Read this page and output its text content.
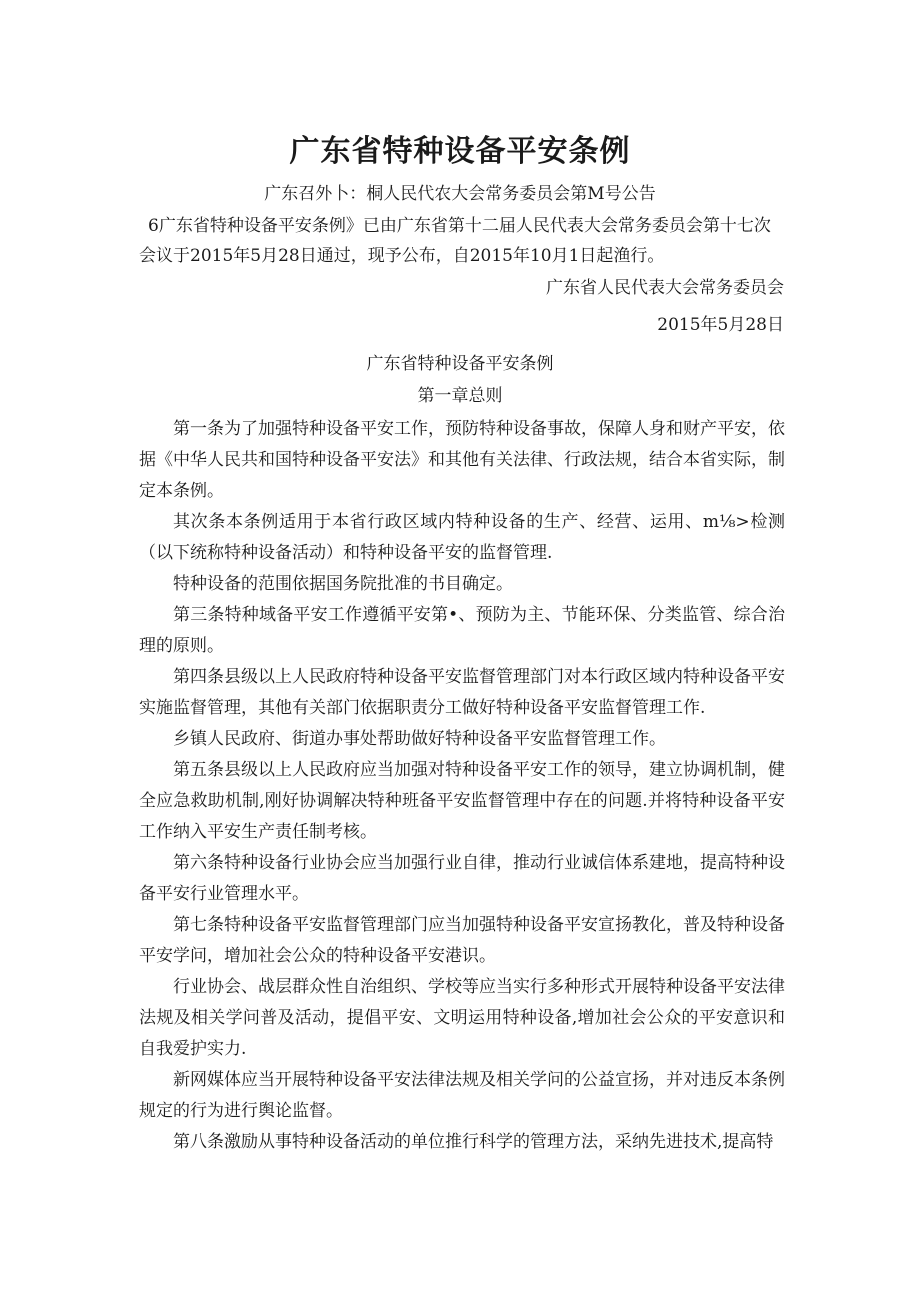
广东省特种设备平安条例
广东召外卜：桐人民代农大会常务委员会第M号公告
6广东省特种设备平安条例》已由广东省第十二届人民代表大会常务委员会第十七次
会议于2015年5月28日通过，现予公布，自2015年10月1日起渔行。
广东省人民代表大会常务委员会
2015年5月28日
广东省特种设备平安条例
第一章总则

第一条为了加强特种设备平安工作，预防特种设备事故，保障人身和财产平安，依据《中华人民共和国特种设备平安法》和其他有关法律、行政法规，结合本省实际，制定本条例。

其次条本条例适用于本省行政区域内特种设备的生产、经营、运用、m⅛>检测（以下统称特种设备活动）和特种设备平安的监督管理.

特种设备的范围依据国务院批准的书目确定。

第三条特种域备平安工作遵循平安第•、预防为主、节能环保、分类监管、综合治理的原则。

第四条县级以上人民政府特种设备平安监督管理部门对本行政区域内特种设备平安实施监督管理，其他有关部门依据职责分工做好特种设备平安监督管理工作.

乡镇人民政府、街道办事处帮助做好特种设备平安监督管理工作。

第五条县级以上人民政府应当加强对特种设备平安工作的领导，建立协调机制，健全应急救助机制,刚好协调解决特种班备平安监督管理中存在的问题.并将特种设备平安工作纳入平安生产责任制考核。

第六条特种设备行业协会应当加强行业自律，推动行业诚信体系建地，提高特种设备平安行业管理水平。

第七条特种设备平安监督管理部门应当加强特种设备平安宣扬教化，普及特种设备平安学问，增加社会公众的特种设备平安港识。

行业协会、战层群众性自治组织、学校等应当实行多种形式开展特种设备平安法律法规及相关学问普及活动，提倡平安、文明运用特种设备,增加社会公众的平安意识和自我爱护实力.

新网媒体应当开展特种设备平安法律法规及相关学问的公益宣扬，并对违反本条例规定的行为进行舆论监督。

第八条激励从事特种设备活动的单位推行科学的管理方法，采纳先进技术,提高特
